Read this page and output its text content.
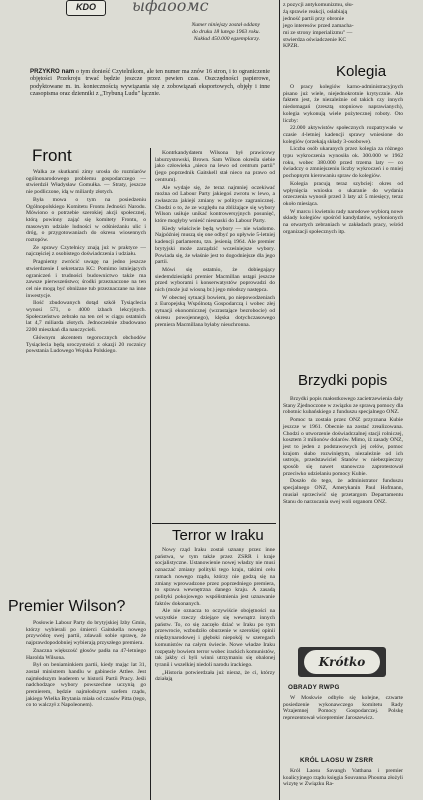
KDO	ыфаоомс
Numer niniejszy został oddany
do druku 18 lutego 1963 roku.
Nakład 450.000 egzemplarzy.
z pozycji antykomunizmu, słu-
żą sprawie reakcji, osłabiają
jedność partii przy obronie
jego interesów przed zamacha-
mi ze strony imperializmu" —
stwierdza oświadczenie KC
KPZR.
PRZYKRO nam o tym donieść Czytelnikom, ale ten numer ma znów 16 stron, i to ograniczenie objętości Przekroju trwać będzie jeszcze przez pewien czas. Oszczędności papierowe, podyktowane m. in. koniecznością wywiązania się z zobowiązań eksportowych, objęły i inne czasopisma oraz dzienniki z „Trybuną Ludu" łącznie.
Front

Walka ze skutkami zimy urosła do rozmiarów ogólnonarodowego problemu gospodarczego — stwierdził Władysław Gomułka. — Straty, jeszcze nie podliczone, idą w miliardy złotych.

Była mowa o tym na posiedzeniu Ogólnopolskiego Komitetu Frontu Jedności Narodu. Mówiono o potrzebie szerokiej akcji społecznej, którą powinny zająć się komitety Frontu, o masowym udziale ludności w odśnieżaniu ulic i dróg, o przygotowaniach do okresu wiosennych roztopów.

Ze sprawy Czytelnicy znają już w praktyce — najczęściej z osobistego doświadczenia i udziału.

Pragniemy zwrócić uwagę na jedno jeszcze stwierdzenie I sekretarza KC: Pomimo istniejących ograniczeń i trudności budownictwo także ma zawsze pierwszeństwo; środki przeznaczone na ten cel nie mogą być obniżane tub przeznaczane na inne inwestycje.

Ilość zbudowanych dotąd szkół Tysiąclecia wynosi 571, o 4000 izbach lekcyjnych. Społeczeństwo zebrało na ten cel w ciągu ostatnich lat 4,7 miliarda złotych. Jednocześnie zbudowano 2200 mieszkań dla nauczycieli.

Głównym akcentem tegorocznych obchodów Tysiąclecia będą uroczystości z okazji 20 rocznicy powstania Ludowego Wojska Polskiego.

Premier Wilson?

Posłowie Labour Party do brytyjskiej Izby Gmin, którzy wybierali po śmierci Gaitskella nowego przywódcę swej partii, zdawali sobie sprawę, że najprawdopodobniej wybierają przyszłego premiera.

Znaczna większość głosów padła na 47-letniego Harolda Wilsona.

Był on beniaminkiem partii, kiedy mając lat 31, został ministrem handlu w gabinecie Attlee. Jest najmłodszym leaderem w historii Partii Pracy. Jeśli nadchodzące wybory powszechne uczynią go premierem, będzie najmłodszym szefem rządu, jakiego Wielka Brytania miała od czasów Pitta (tego, co to walczył z Napoleonem).

Kontrkandydatem Wilsona był prawicowy laburzystowski, Brown. Sam Wilson określa siebie jako człowieka „nieco na lewo od centrum partii" (jego poprzednik Gaitskell stał nieco na prawo od centrum).

Ale wydaje się, że teraz najmniej oczekiwać można od Labour Party jakiegoś zwrotu w lewo, a zwłaszcza jakiejś zmiany w polityce zagranicznej. Chodzi o to, że ze względu na zbliżające się wybory Wilson usiłuje unikać kontrowersyjnych posunięć, które mogłyby wnieść niesnaski do Labour Party.

Kiedy właściwie będą wybory — nie wiadomo. Najpóźniej muszą się one odbyć po upływie 5-letniej kadencji parlamentu, tzn. jesienią 1964. Ale premier brytyjski może zarządzić wcześniejsze wybory. Powiada się, że właśnie jest to dogodniejsze dla jego partii.

Mówi się ostatnio, że dobiegający siedemdziesiątki premier Macmillan ustąpi jeszcze przed wyborami i konserwatystów poprowadzi do nich (może już wiosną br.) jego młodszy następca.

W obecnej sytuacji bowiem, po niepowodzeniach z Europejską Wspólnotą Gospodarczą i wobec złej sytuacji ekonomicznej (wzrastające bezrobocie) od okresu powojennego), klęska dotychczasowego premiera Macmillana byłaby nieuchronna.

Terror w Iraku

Nowy rząd Iraku został uznany przez inne państwa, w tym także przez ZSRR i kraje socjalistyczne. Ustanowienie nowej władzy nie musi oznaczać zmiany polityki tego kraju, takimi celu ramach nowego rządu, którzy nie godzą się na zmiany wprowadzone przez poprzedniego premiera, to sprawa wewnętrzna danego kraju. A zasadą polityki pokojowego współistnienia jest uznawanie faktów dokonanych.

Ale nie oznacza to oczywiście obojętności na wszystkie rzeczy dziejące się wewnątrz innych państw. To, co się zaczęło dziać w Iraku po tym przewrocie, wzbudziło oburzenie w szerokiej opinii międzynarodowej i głęboki niepokój w szeregach komunistów na całym świecie. Nowe władze Iraku rozpętały bowiem terror wobec irackich komunistów, tak jakby ci byli winni utrzymaniu się obalonej tyranii i wszelkiej niedoli narodu irackiego.

„Historia potwierdzała już nieraz, że ci, którzy działają

Kolegia

O pracy kolegiów karno-administracyjnych pisano już wiele, niejednokrotnie krytycznie. Ale faktem jest, że niezależnie od takich czy innych niedomagań (zresztą stopniowo naprawianych), kolegia wykonują wiele pożytecznej roboty. Oto liczby:

22.000 aktywistów społecznych rozpatrywało w czasie 4-letniej kadencji sprawy wniesione do kolegiów (orzekają składy 3-osobowe).

Liczba osób ukaranych przez kolegia za różnego typu wykroczenia wynosiła ok. 300.000 w 1962 roku, wobec 380.000 przed trzema laty — co świadczy o zmniejszeniu liczby wykroczeń i o mniej pochopnym kierowaniu spraw do kolegiów.

Kolegia pracują teraz szybciej: okres od wpłynięcia wniosku o ukaranie do wydania orzeczenia wynosił przed 3 laty aż 5 miesięcy, teraz około miesiąca.

W marcu i kwietniu rady narodowe wybiorą nowe składy kolegiów spośród kandydatów, wyłonionych na otwartych zebraniach w zakładach pracy, wśród organizacji społecznych itp.

Brzydki popis

Brzydki popis małostkowego zacietrzewienia dały Stany Zjednoczone w związku ze sprawą pomocy dla robotnic kubańskiego z funduszu specjalnego ONZ.

Pomoc ta została przez ONZ przyznana Kubie jeszcze w 1961. Obecnie na zostać zrealizowana. Chodzi o utworzenie doświadczalnej stacji rolniczej, kosztem 3 milionów dolarów. Mimo, iż zasady ONZ, jest to jeden z podstawowych jej celów, pomoc krajom słabo rozwiniętym, niezależnie od ich ustroju, przedstawiciel Stanów w niebezpieczny sposób się nawet stanowczo zaprotestował przeciwko udzielaniu pomocy Kubie.

Doszło do tego, że administrator funduszu specjalnego ONZ, Amerykanin Paul Hofmann, musiał sprzeciwić się przetargom Departamentu Stanu do narzucania swej woli organom ONZ.

Krótko
OBRADY RWPG

W Moskwie odbyło się kolejne, czwarte posiedzenie wykonawczego komitetu Rady Wzajemnej Pomocy Gospodarczej. Polskę reprezentował wicepremier Jaroszewicz.

KRÓL LAOSU W ZSRR

Król Laosu Savangh Vatthana i premier koalicyjnego rządu księgia Souvanna Phouma złożyli wizytę w Związku Ra-
